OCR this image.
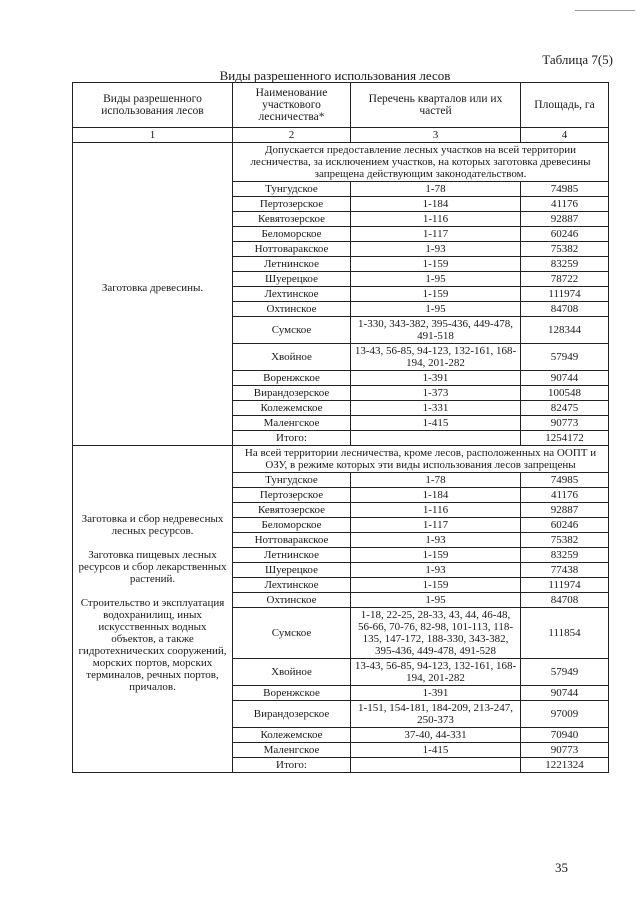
Таблица 7(5)
Виды разрешенного использования лесов
Виды разрешенного использования лесов	Наименование участкового лесничества*	Перечень кварталов или их частей	Площадь, га
1	2	3	4

Заготовка древесины.	Допускается предоставление лесных участков на всей территории лесничества, за исключением участков, на которых заготовка древесины запрещена действующим законодательством.		
	Тунгудское	1-78	74985
	Пертозерское	1-184	41176
	Кевятозерское	1-116	92887
	Беломорское	1-117	60246
	Ноттоваракское	1-93	75382
	Летнинское	1-159	83259
	Шуерецкое	1-95	78722
	Лехтинское	1-159	111974
	Охтинское	1-95	84708
	Сумское	1-330, 343-382, 395-436, 449-478, 491-518	128344
	Хвойное	13-43, 56-85, 94-123, 132-161, 168-194, 201-282	57949
	Воренжское	1-391	90744
	Вирандозерское	1-373	100548
	Колежемское	1-331	82475
	Маленгское	1-415	90773
	Итого:		1254172

Заготовка и сбор недревесных лесных ресурсов.
Заготовка пищевых лесных ресурсов и сбор лекарственных растений.
Строительство и эксплуатация водохранилищ, иных искусственных водных объектов, а также гидротехнических сооружений, морских портов, морских терминалов, речных портов, причалов.	На всей территории лесничества, кроме лесов, расположенных на ООПТ и ОЗУ, в режиме которых эти виды использования лесов запрещены		
	Тунгудское	1-78	74985
	Пертозерское	1-184	41176
	Кевятозерское	1-116	92887
	Беломорское	1-117	60246
	Ноттоваракское	1-93	75382
	Летнинское	1-159	83259
	Шуерецкое	1-93	77438
	Лехтинское	1-159	111974
	Охтинское	1-95	84708
	Сумское	1-18, 22-25, 28-33, 43, 44, 46-48, 56-66, 70-76, 82-98, 101-113, 118-135, 147-172, 188-330, 343-382, 395-436, 449-478, 491-528	111854
	Хвойное	13-43, 56-85, 94-123, 132-161, 168-194, 201-282	57949
	Воренжское	1-391	90744
	Вирандозерское	1-151, 154-181, 184-209, 213-247, 250-373	97009
	Колежемское	37-40, 44-331	70940
	Маленгское	1-415	90773
	Итого:		1221324
35
